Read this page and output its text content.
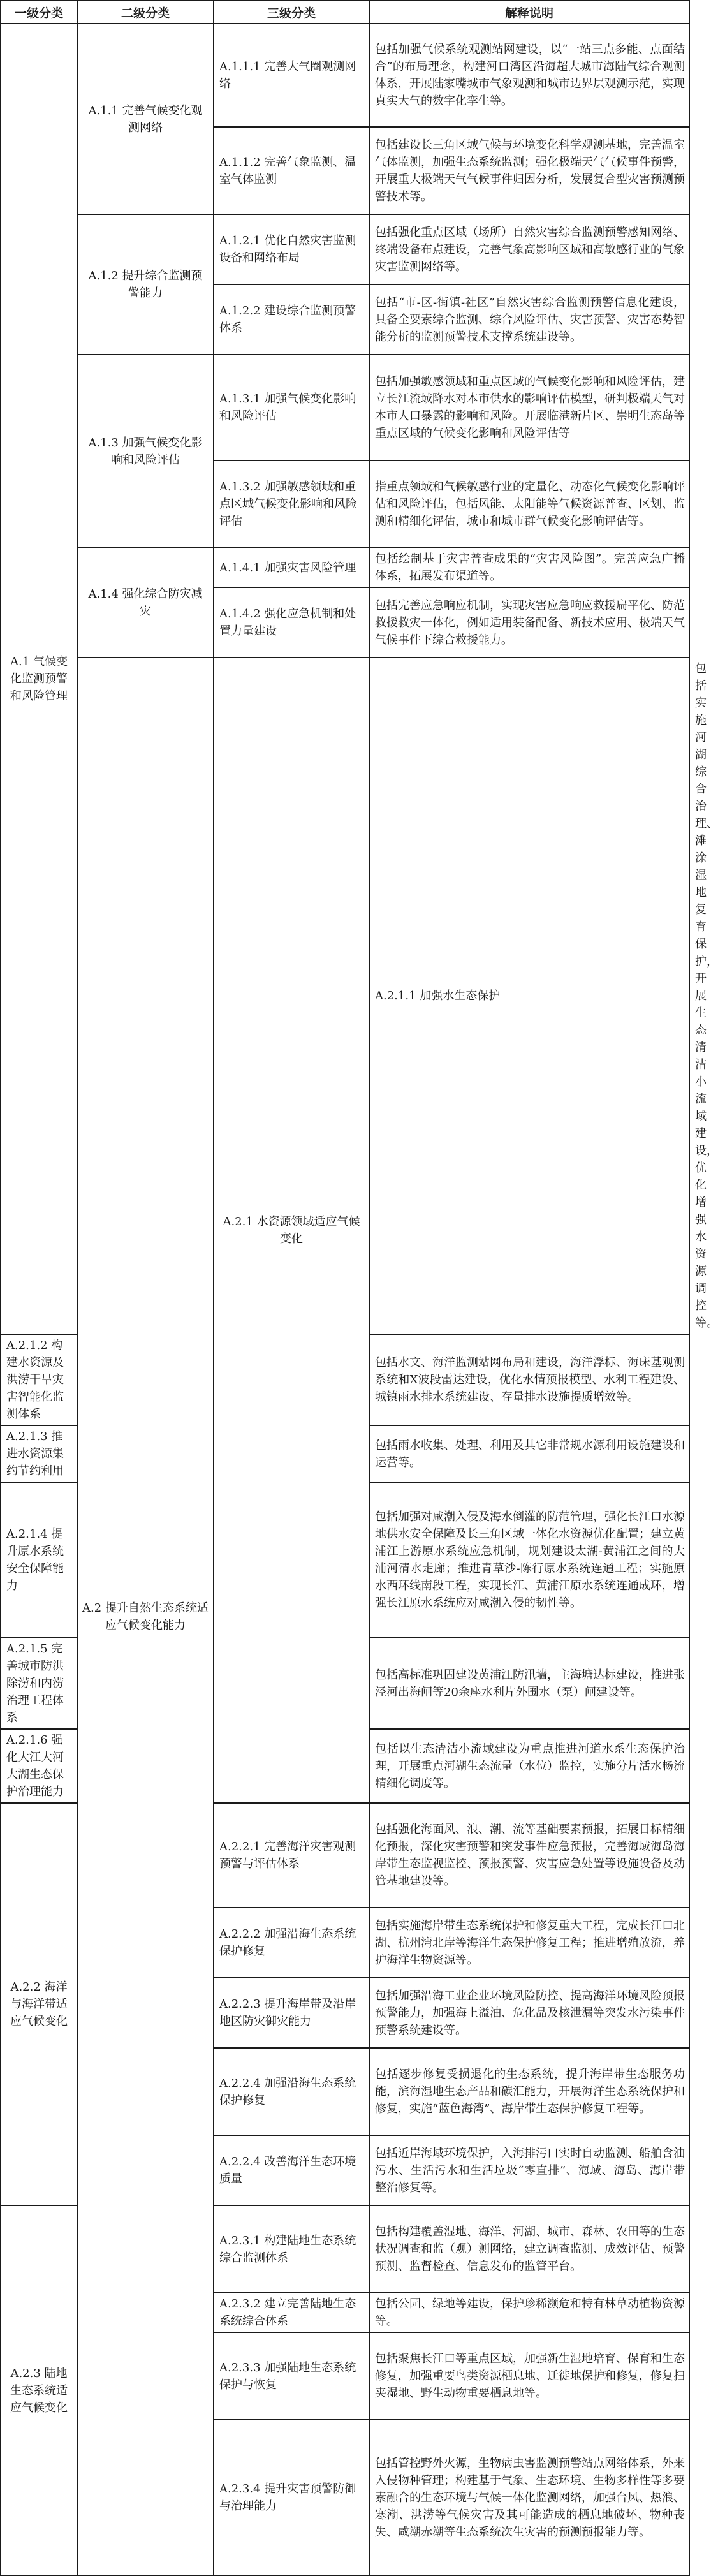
一级分类	二级分类	三级分类	解释说明	
A.1 气候变化监测预警和风险管理	A.1.1 完善气候变化观测网络	A.1.1.1 完善大气圈观测网络	包括加强气候系统观测站网建设，以“一站三点多能、点面结合”的布局理念，构建河口湾区沿海超大城市海陆气综合观测体系，开展陆家嘴城市气象观测和城市边界层观测示范，实现真实大气的数字化孪生等。	
		A.1.1.2 完善气象监测、温室气体监测	包括建设长三角区域气候与环境变化科学观测基地，完善温室气体监测，加强生态系统监测；强化极端天气气候事件预警，开展重大极端天气气候事件归因分析，发展复合型灾害预测预警技术等。	
	A.1.2 提升综合监测预警能力	A.1.2.1 优化自然灾害监测设备和网络布局	包括强化重点区域（场所）自然灾害综合监测预警感知网络、终端设备布点建设，完善气象高影响区域和高敏感行业的气象灾害监测网络等。	
		A.1.2.2 建设综合监测预警体系	包括“市-区-街镇-社区”自然灾害综合监测预警信息化建设，具备全要素综合监测、综合风险评估、灾害预警、灾害态势智能分析的监测预警技术支撑系统建设等。	
	A.1.3 加强气候变化影响和风险评估	A.1.3.1 加强气候变化影响和风险评估	包括加强敏感领域和重点区域的气候变化影响和风险评估，建立长江流域降水对本市供水的影响评估模型，研判极端天气对本市人口暴露的影响和风险。开展临港新片区、崇明生态岛等重点区域的气候变化影响和风险评估等	
		A.1.3.2 加强敏感领域和重点区域气候变化影响和风险评估	指重点领域和气候敏感行业的定量化、动态化气候变化影响评估和风险评估，包括风能、太阳能等气候资源普查、区划、监测和精细化评估，城市和城市群气候变化影响评估等。	
	A.1.4 强化综合防灾减灾	A.1.4.1 加强灾害风险管理	包括绘制基于灾害普查成果的“灾害风险图”。完善应急广播体系，拓展发布渠道等。	
		A.1.4.2 强化应急机制和处置力量建设	包括完善应急响应机制，实现灾害应急响应救援扁平化、防范救援救灾一体化，例如适用装备配备、新技术应用、极端天气气候事件下综合救援能力。	
	A.2 提升自然生态系统适应气候变化能力	A.2.1 水资源领域适应气候变化	A.2.1.1 加强水生态保护	包括实施河湖综合治理、滩涂湿地复育保护，开展生态清洁小流域建设，优化增强水资源调控等。
A.2.1.2 构建水资源及洪涝干旱灾害智能化监测体系			包括水文、海洋监测站网布局和建设，海洋浮标、海床基观测系统和X波段雷达建设，优化水情预报模型、水利工程建设、城镇雨水排水系统建设、存量排水设施提质增效等。	
A.2.1.3 推进水资源集约节约利用			包括雨水收集、处理、利用及其它非常规水源利用设施建设和运营等。	
A.2.1.4 提升原水系统安全保障能力			包括加强对咸潮入侵及海水倒灌的防范管理，强化长江口水源地供水安全保障及长三角区域一体化水资源优化配置；建立黄浦江上游原水系统应急机制，规划建设太湖-黄浦江之间的大浦河清水走廊；推进青草沙-陈行原水系统连通工程；实施原水西环线南段工程，实现长江、黄浦江原水系统连通成环，增强长江原水系统应对咸潮入侵的韧性等。	
A.2.1.5 完善城市防洪除涝和内涝治理工程体系			包括高标准巩固建设黄浦江防汛墙，主海塘达标建设，推进张泾河出海闸等20余座水利片外围水（泵）闸建设等。	
A.2.1.6 强化大江大河大湖生态保护治理能力			包括以生态清洁小流域建设为重点推进河道水系生态保护治理，开展重点河湖生态流量（水位）监控，实施分片活水畅流精细化调度等。	
A.2.2 海洋与海洋带适应气候变化		A.2.2.1 完善海洋灾害观测预警与评估体系	包括强化海面风、浪、潮、流等基础要素预报，拓展目标精细化预报，深化灾害预警和突发事件应急预报，完善海域海岛海岸带生态监视监控、预报预警、灾害应急处置等设施设备及动管基地建设等。	
		A.2.2.2 加强沿海生态系统保护修复	包括实施海岸带生态系统保护和修复重大工程，完成长江口北湖、杭州湾北岸等海洋生态保护修复工程；推进增殖放流，养护海洋生物资源等。	
		A.2.2.3 提升海岸带及沿岸地区防灾御灾能力	包括加强沿海工业企业环境风险防控、提高海洋环境风险预报预警能力，加强海上溢油、危化品及核泄漏等突发水污染事件预警系统建设等。	
		A.2.2.4 加强沿海生态系统保护修复	包括逐步修复受损退化的生态系统，提升海岸带生态服务功能，滨海湿地生态产品和碳汇能力，开展海洋生态系统保护和修复，实施“蓝色海湾”、海岸带生态保护修复工程等。	
		A.2.2.4 改善海洋生态环境质量	包括近岸海域环境保护，入海排污口实时自动监测、船舶含油污水、生活污水和生活垃圾“零直排”、海域、海岛、海岸带整治修复等。	
A.2.3 陆地生态系统适应气候变化		A.2.3.1 构建陆地生态系统综合监测体系	包括构建覆盖湿地、海洋、河湖、城市、森林、农田等的生态状况调查和监（观）测网络，建立调查监测、成效评估、预警预测、监督检查、信息发布的监管平台。	
		A.2.3.2 建立完善陆地生态系统综合体系	包括公园、绿地等建设，保护珍稀濒危和特有林草动植物资源等。	
		A.2.3.3 加强陆地生态系统保护与恢复	包括聚焦长江口等重点区域，加强新生湿地培育、保育和生态修复，加强重要鸟类资源栖息地、迁徙地保护和修复，修复扫夹湿地、野生动物重要栖息地等。	
		A.2.3.4 提升灾害预警防御与治理能力	包括管控野外火源，生物病虫害监测预警站点网络体系，外来入侵物种管理；构建基于气象、生态环境、生物多样性等多要素融合的生态环境与气候一体化监测网络，加强台风、热浪、寒潮、洪涝等气候灾害及其可能造成的栖息地破坏、物种丧失、咸潮赤潮等生态系统次生灾害的预测预报能力等。	
